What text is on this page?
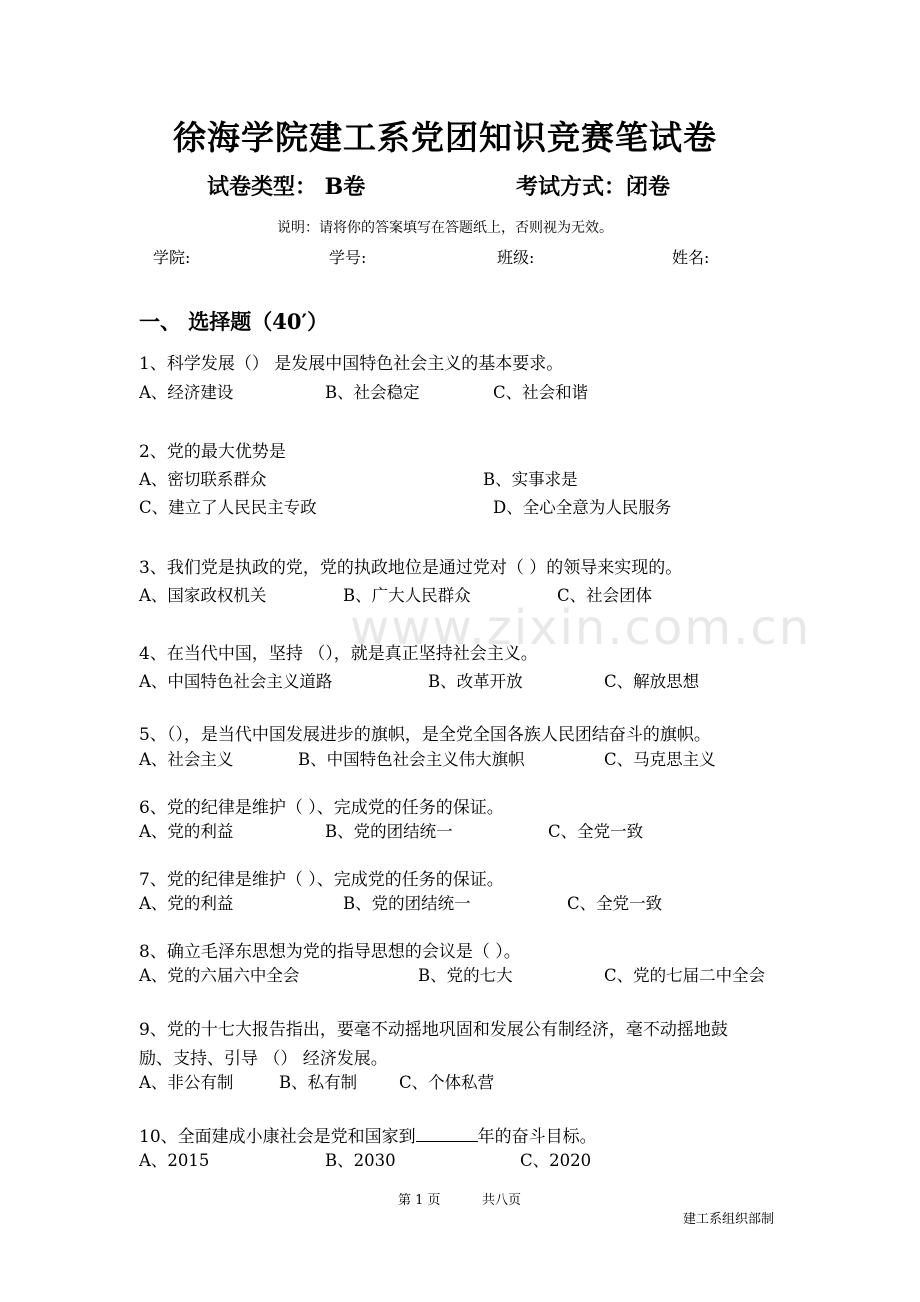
徐海学院建工系党团知识竞赛笔试卷
试卷类型： B卷	考试方式：闭卷
说明：请将你的答案填写在答题纸上，否则视为无效。
学院:	学号:	班级:	姓名:
一、 选择题（40′）
1、科学发展（） 是发展中国特色社会主义的基本要求。
A、经济建设	B、社会稳定	C、社会和谐
2、党的最大优势是
A、密切联系群众	B、实事求是
C、建立了人民民主专政	D、全心全意为人民服务
3、我们党是执政的党，党的执政地位是通过党对（ ）的领导来实现的。
A、国家政权机关	B、广大人民群众	C、社会团体
www.zixin.com.cn
4、在当代中国，坚持 （），就是真正坚持社会主义。
A、中国特色社会主义道路	B、改革开放	C、解放思想
5、（），是当代中国发展进步的旗帜，是全党全国各族人民团结奋斗的旗帜。
A、社会主义	B、中国特色社会主义伟大旗帜	C、马克思主义
6、党的纪律是维护（ ）、完成党的任务的保证。
A、党的利益	B、党的团结统一	C、全党一致
7、党的纪律是维护（ ）、完成党的任务的保证。
A、党的利益	B、党的团结统一	C、全党一致
8、确立毛泽东思想为党的指导思想的会议是（ ）。
A、党的六届六中全会	B、党的七大	C、党的七届二中全会
9、党的十七大报告指出，要毫不动摇地巩固和发展公有制经济，毫不动摇地鼓
励、支持、引导 （） 经济发展。
A、非公有制	B、私有制	C、个体私营
10、全面建成小康社会是党和国家到	年的奋斗目标。
A、2015	B、2030	C、2020
第 1 页	共八页
建工系组织部制
